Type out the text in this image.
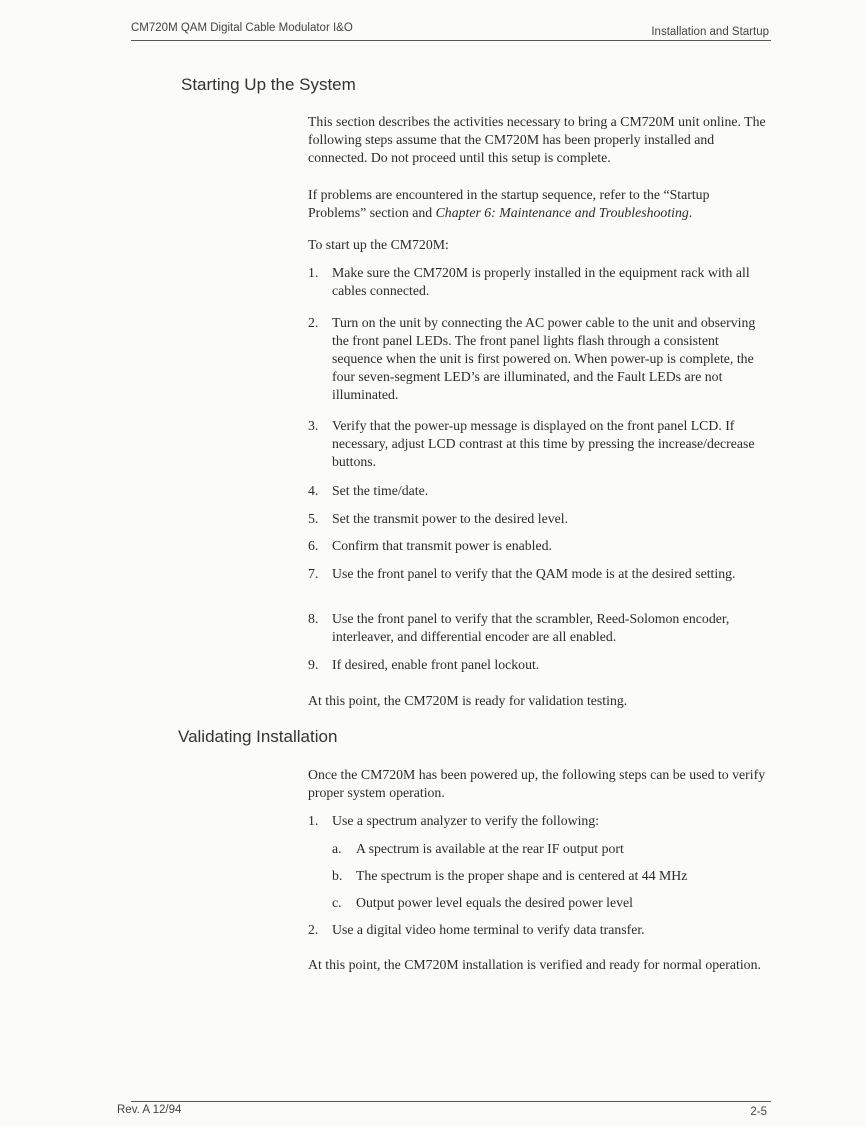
CM720M QAM Digital Cable Modulator I&O	Installation and Startup
Starting Up the System
This section describes the activities necessary to bring a CM720M unit online. The following steps assume that the CM720M has been properly installed and connected. Do not proceed until this setup is complete.
If problems are encountered in the startup sequence, refer to the “Startup Problems” section and Chapter 6: Maintenance and Troubleshooting.
To start up the CM720M:
1. Make sure the CM720M is properly installed in the equipment rack with all cables connected.
2. Turn on the unit by connecting the AC power cable to the unit and observing the front panel LEDs. The front panel lights flash through a consistent sequence when the unit is first powered on. When power-up is complete, the four seven-segment LED’s are illuminated, and the Fault LEDs are not illuminated.
3. Verify that the power-up message is displayed on the front panel LCD. If necessary, adjust LCD contrast at this time by pressing the increase/decrease buttons.
4. Set the time/date.
5. Set the transmit power to the desired level.
6. Confirm that transmit power is enabled.
7. Use the front panel to verify that the QAM mode is at the desired setting.
8. Use the front panel to verify that the scrambler, Reed-Solomon encoder, interleaver, and differential encoder are all enabled.
9. If desired, enable front panel lockout.
At this point, the CM720M is ready for validation testing.
Validating Installation
Once the CM720M has been powered up, the following steps can be used to verify proper system operation.
1. Use a spectrum analyzer to verify the following:
a. A spectrum is available at the rear IF output port
b. The spectrum is the proper shape and is centered at 44 MHz
c. Output power level equals the desired power level
2. Use a digital video home terminal to verify data transfer.
At this point, the CM720M installation is verified and ready for normal operation.
Rev. A 12/94	2-5
